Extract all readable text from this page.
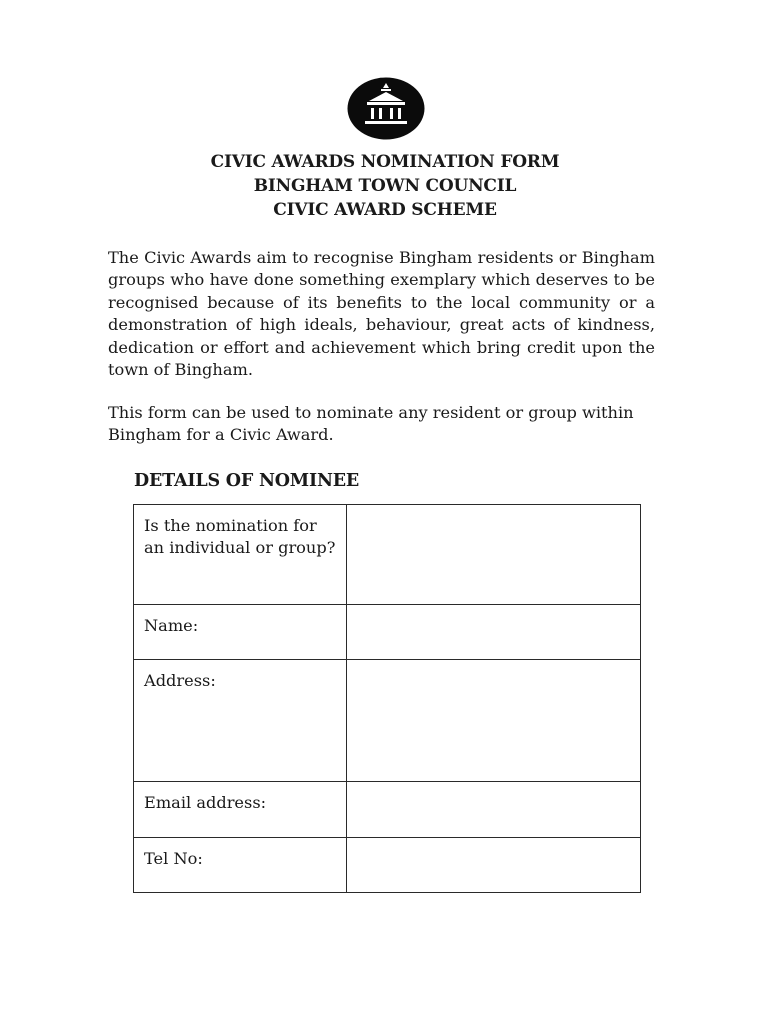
CIVIC AWARDS NOMINATION FORM
BINGHAM TOWN COUNCIL
CIVIC AWARD SCHEME

The Civic Awards aim to recognise Bingham residents or Bingham groups who have done something exemplary which deserves to be recognised because of its benefits to the local community or a demonstration of high ideals, behaviour, great acts of kindness, dedication or effort and achievement which bring credit upon the town of Bingham.

This form can be used to nominate any resident or group within Bingham for a Civic Award.

DETAILS OF NOMINEE
Is the nomination for an individual or group?	
Name:	
Address:	
Email address:	
Tel No:	
